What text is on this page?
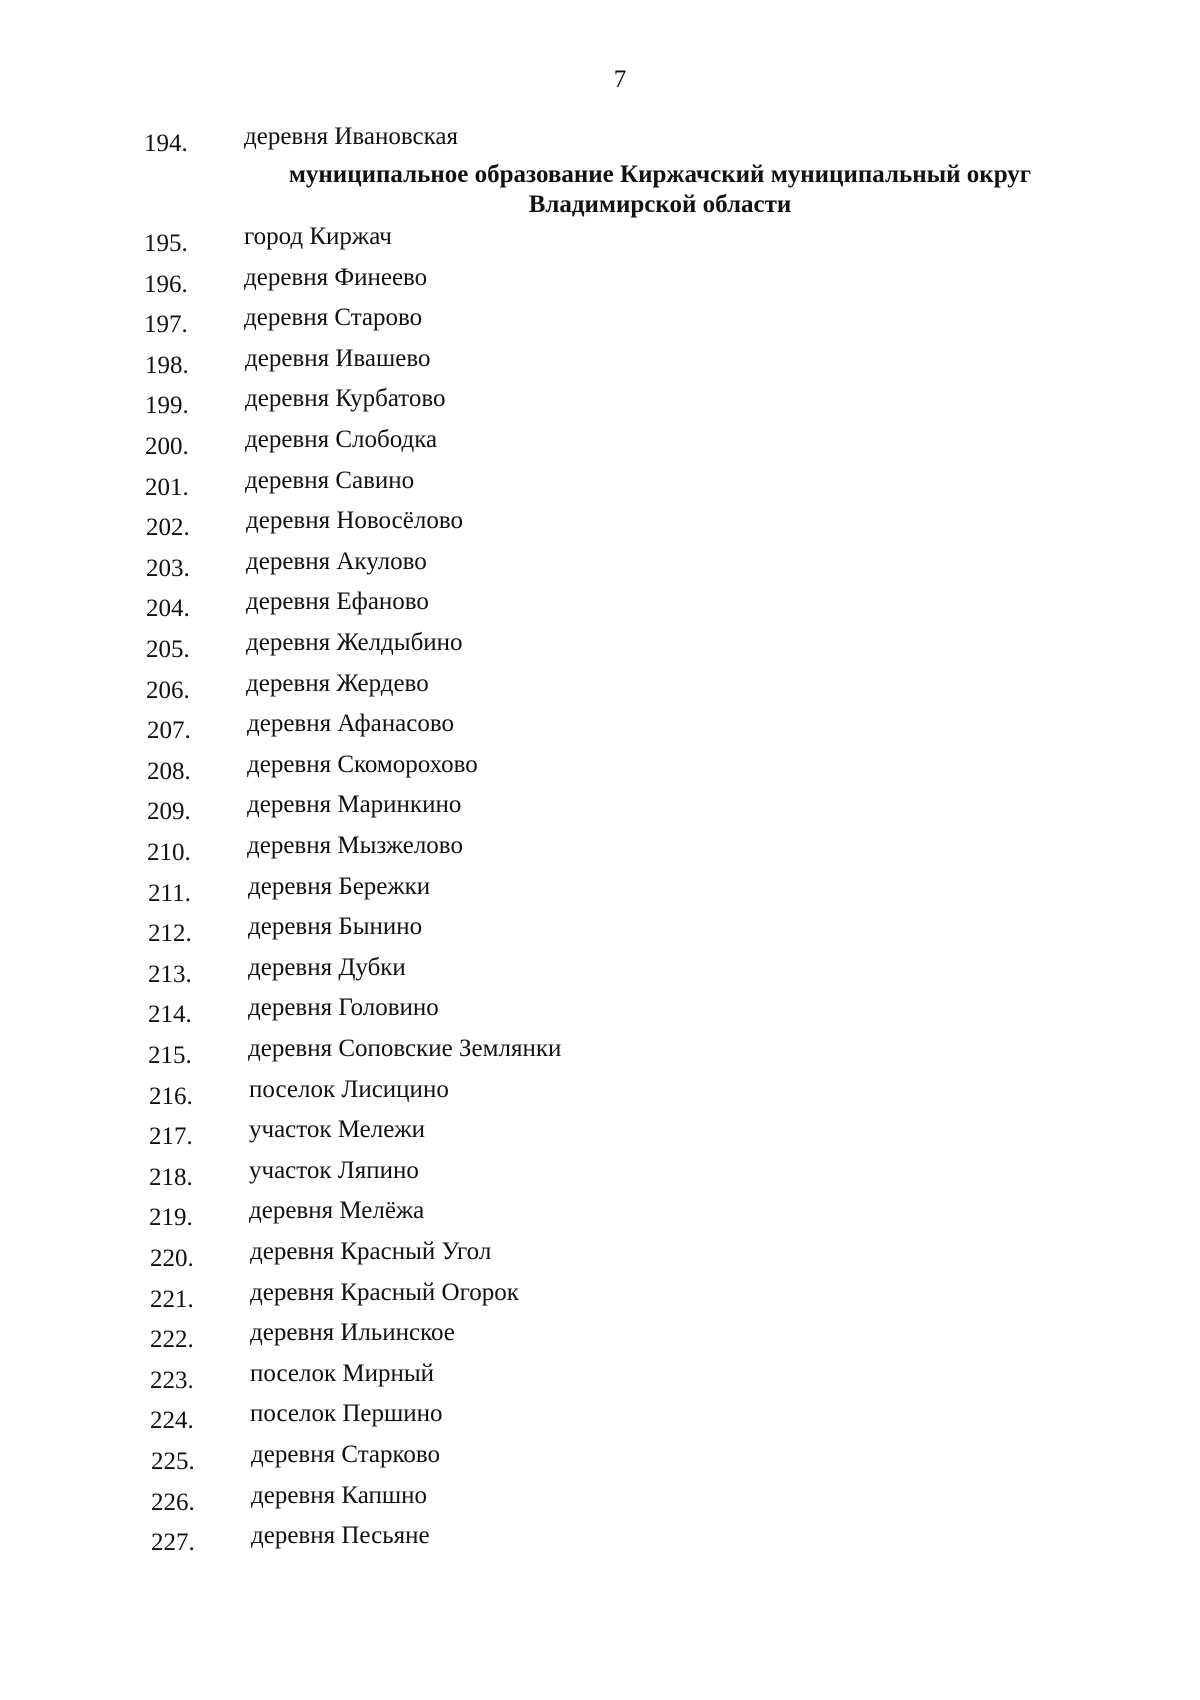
7
194. деревня Ивановская
муниципальное образование Киржачский муниципальный округ
Владимирской области
195. город Киржач
196. деревня Финеево
197. деревня Старово
198. деревня Ивашево
199. деревня Курбатово
200. деревня Слободка
201. деревня Савино
202. деревня Новосёлово
203. деревня Акулово
204. деревня Ефаново
205. деревня Желдыбино
206. деревня Жердево
207. деревня Афанасово
208. деревня Скоморохово
209. деревня Маринкино
210. деревня Мызжелово
211. деревня Бережки
212. деревня Бынино
213. деревня Дубки
214. деревня Головино
215. деревня Соповские Землянки
216. поселок Лисицино
217. участок Мележи
218. участок Ляпино
219. деревня Мелёжа
220. деревня Красный Угол
221. деревня Красный Огорок
222. деревня Ильинское
223. поселок Мирный
224. поселок Першино
225. деревня Старково
226. деревня Капшно
227. деревня Песьяне
